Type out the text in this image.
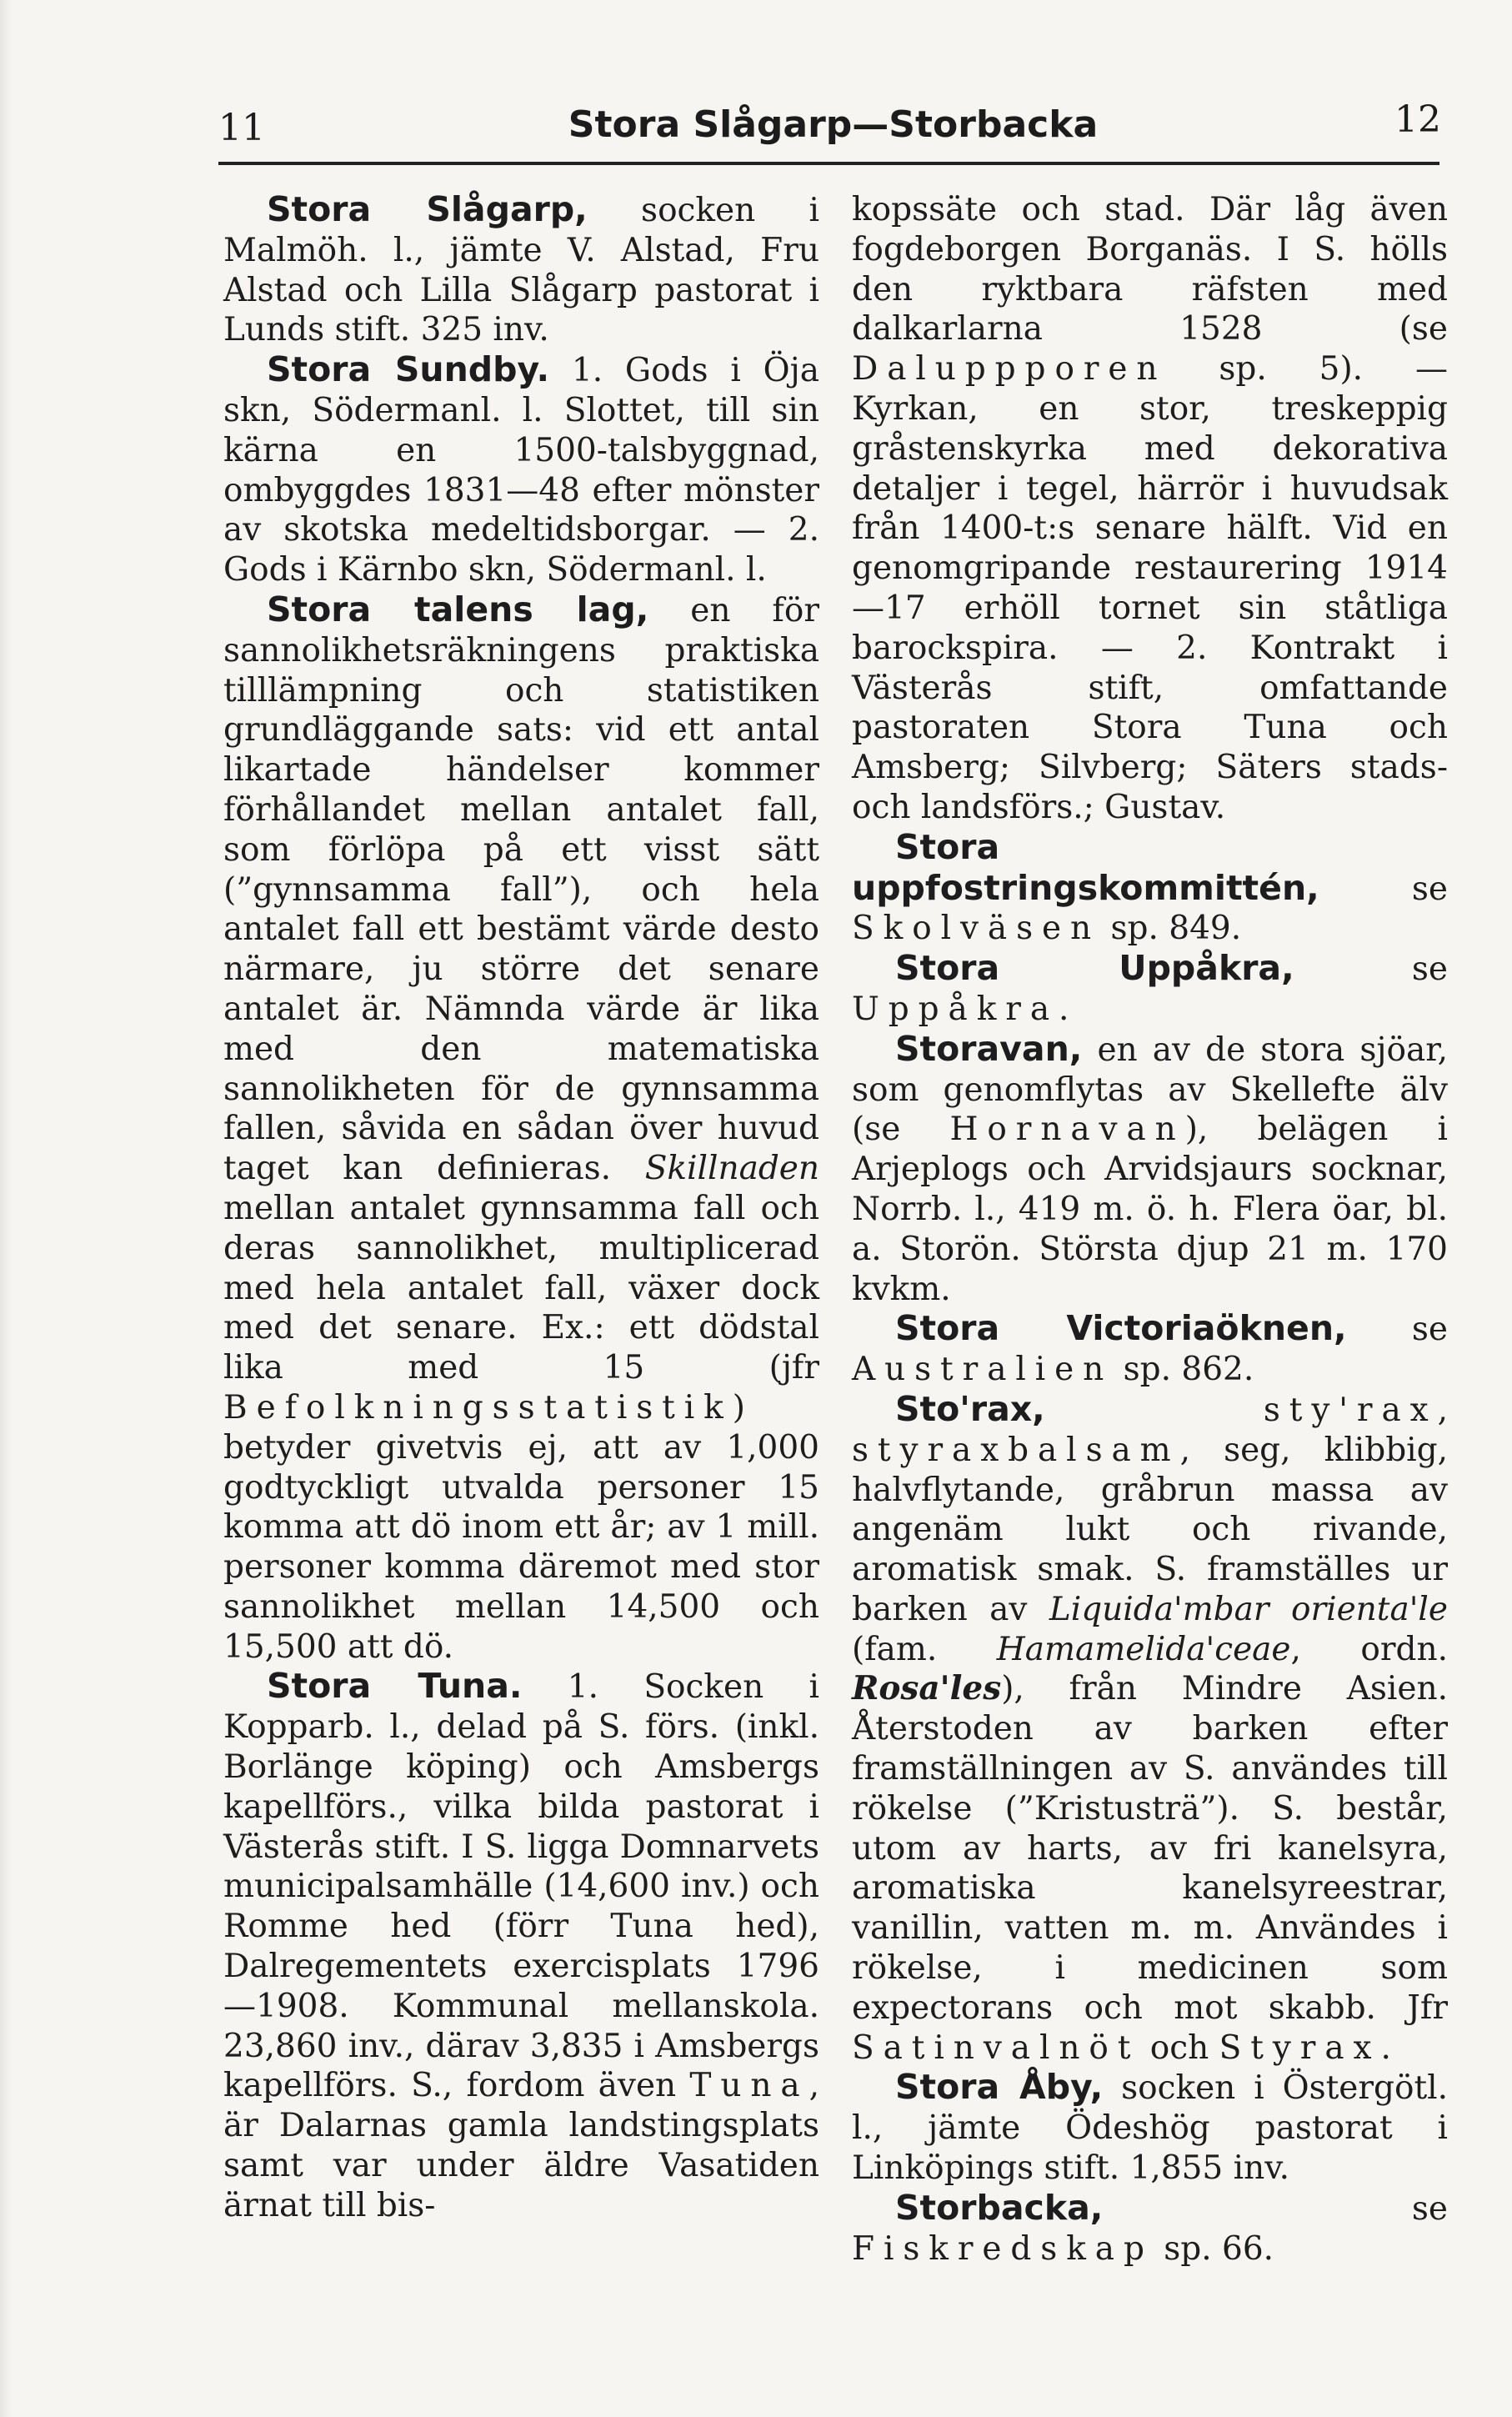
11	Stora Slågarp—Storbacka	12

Stora Slågarp, socken i Malmöh. l., jämte V. Alstad, Fru Alstad och Lilla Slågarp pastorat i Lunds stift. 325 inv.

Stora Sundby. 1. Gods i Öja skn, Södermanl. l. Slottet, till sin kärna en 1500-talsbyggnad, ombyggdes 1831—48 efter mönster av skotska medeltidsborgar. — 2. Gods i Kärnbo skn, Södermanl. l.

Stora talens lag, en för sannolikhetsräkningens praktiska tilllämpning och statistiken grundläggande sats: vid ett antal likartade händelser kommer förhållandet mellan antalet fall, som förlöpa på ett visst sätt (”gynnsamma fall”), och hela antalet fall ett bestämt värde desto närmare, ju större det senare antalet är. Nämnda värde är lika med den matematiska sannolikheten för de gynnsamma fallen, såvida en sådan över huvud taget kan definieras. Skillnaden mellan antalet gynnsamma fall och deras sannolikhet, multiplicerad med hela antalet fall, växer dock med det senare. Ex.: ett dödstal lika med 15 (jfr Befolkningsstatistik) betyder givetvis ej, att av 1,000 godtyckligt utvalda personer 15 komma att dö inom ett år; av 1 mill. personer komma däremot med stor sannolikhet mellan 14,500 och 15,500 att dö.

Stora Tuna. 1. Socken i Kopparb. l., delad på S. förs. (inkl. Borlänge köping) och Amsbergs kapellförs., vilka bilda pastorat i Västerås stift. I S. ligga Domnarvets municipalsamhälle (14,600 inv.) och Romme hed (förr Tuna hed), Dalregementets exercisplats 1796—1908. Kommunal mellanskola. 23,860 inv., därav 3,835 i Amsbergs kapellförs. S., fordom även Tuna, är Dalarnas gamla landstingsplats samt var under äldre Vasatiden ärnat till bis-

kopssäte och stad. Där låg även fogdeborgen Borganäs. I S. hölls den ryktbara räfsten med dalkarlarna 1528 (se Daluppроren sp. 5). — Kyrkan, en stor, treskeppig gråstenskyrka med dekorativa detaljer i tegel, härrör i huvudsak från 1400-t:s senare hälft. Vid en genomgripande restaurering 1914—17 erhöll tornet sin ståtliga barockspira. — 2. Kontrakt i Västerås stift, omfattande pastoraten Stora Tuna och Amsberg; Silvberg; Säters stads- och landsförs.; Gustav.

Stora uppfostringskommittén, se Skolväsen sp. 849.

Stora Uppåkra, se Uppåkra.

Storavan, en av de stora sjöar, som genomflytas av Skellefte älv (se Hornavan), belägen i Arjeplogs och Arvidsjaurs socknar, Norrb. l., 419 m. ö. h. Flera öar, bl. a. Storön. Största djup 21 m. 170 kvkm.

Stora Victoriaöknen, se Australien sp. 862.

Sto'rax,	sty'rax, styraxbalsam, seg, klibbig, halvflytande, gråbrun massa av angenäm lukt och rivande, aromatisk smak. S. framställes ur barken av Liquida'mbar orienta'le (fam. Hamamelida'ceae, ordn. Rosa'les), från Mindre Asien. Återstoden av barken efter framställningen av S. användes till rökelse (”Kristusträ”). S. består, utom av harts, av fri kanelsyra, aromatiska kanelsyreestrar, vanillin, vatten m. m. Användes i rökelse, i medicinen som expectorans och mot skabb. Jfr Satinvalnöt och Styrax.

Stora Åby, socken i Östergötl. l., jämte Ödeshög pastorat i Linköpings stift. 1,855 inv.

Storbacka, se Fiskredskap sp. 66.
